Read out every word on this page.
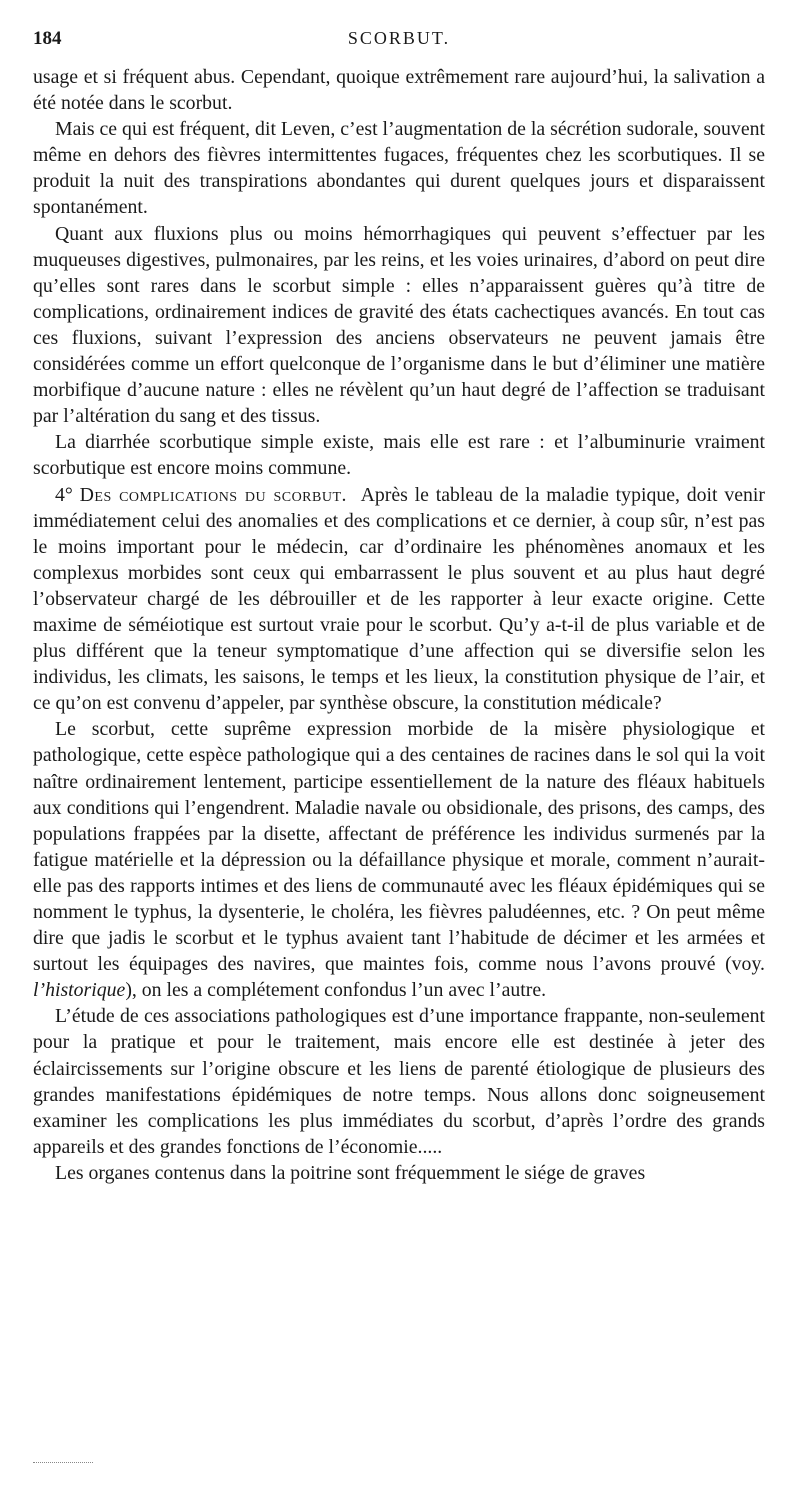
184	SCORBUT.

usage et si fréquent abus. Cependant, quoique extrêmement rare aujourd’hui, la salivation a été notée dans le scorbut.

Mais ce qui est fréquent, dit Leven, c’est l’augmentation de la sécrétion sudorale, souvent même en dehors des fièvres intermittentes fugaces, fréquentes chez les scorbutiques. Il se produit la nuit des transpirations abondantes qui durent quelques jours et disparaissent spontanément.

Quant aux fluxions plus ou moins hémorrhagiques qui peuvent s’effectuer par les muqueuses digestives, pulmonaires, par les reins, et les voies urinaires, d’abord on peut dire qu’elles sont rares dans le scorbut simple : elles n’apparaissent guères qu’à titre de complications, ordinairement indices de gravité des états cachectiques avancés. En tout cas ces fluxions, suivant l’expression des anciens observateurs ne peuvent jamais être considérées comme un effort quelconque de l’organisme dans le but d’éliminer une matière morbifique d’aucune nature : elles ne révèlent qu’un haut degré de l’affection se traduisant par l’altération du sang et des tissus.

La diarrhée scorbutique simple existe, mais elle est rare : et l’albuminurie vraiment scorbutique est encore moins commune.

4° Des complications du scorbut. Après le tableau de la maladie typique, doit venir immédiatement celui des anomalies et des complications et ce dernier, à coup sûr, n’est pas le moins important pour le médecin, car d’ordinaire les phénomènes anomaux et les complexus morbides sont ceux qui embarrassent le plus souvent et au plus haut degré l’observateur chargé de les débrouiller et de les rapporter à leur exacte origine. Cette maxime de séméiotique est surtout vraie pour le scorbut. Qu’y a-t-il de plus variable et de plus différent que la teneur symptomatique d’une affection qui se diversifie selon les individus, les climats, les saisons, le temps et les lieux, la constitution physique de l’air, et ce qu’on est convenu d’appeler, par synthèse obscure, la constitution médicale?

Le scorbut, cette suprême expression morbide de la misère physiologique et pathologique, cette espèce pathologique qui a des centaines de racines dans le sol qui la voit naître ordinairement lentement, participe essentiellement de la nature des fléaux habituels aux conditions qui l’engendrent. Maladie navale ou obsidionale, des prisons, des camps, des populations frappées par la disette, affectant de préférence les individus surmenés par la fatigue matérielle et la dépression ou la défaillance physique et morale, comment n’aurait-elle pas des rapports intimes et des liens de communauté avec les fléaux épidémiques qui se nomment le typhus, la dysenterie, le choléra, les fièvres paludéennes, etc. ? On peut même dire que jadis le scorbut et le typhus avaient tant l’habitude de décimer et les armées et surtout les équipages des navires, que maintes fois, comme nous l’avons prouvé (voy. l’historique), on les a complétement confondus l’un avec l’autre.

L’étude de ces associations pathologiques est d’une importance frappante, non-seulement pour la pratique et pour le traitement, mais encore elle est destinée à jeter des éclaircissements sur l’origine obscure et les liens de parenté étiologique de plusieurs des grandes manifestations épidémiques de notre temps. Nous allons donc soigneusement examiner les complications les plus immédiates du scorbut, d’après l’ordre des grands appareils et des grandes fonctions de l’économie.....

Les organes contenus dans la poitrine sont fréquemment le siége de graves
